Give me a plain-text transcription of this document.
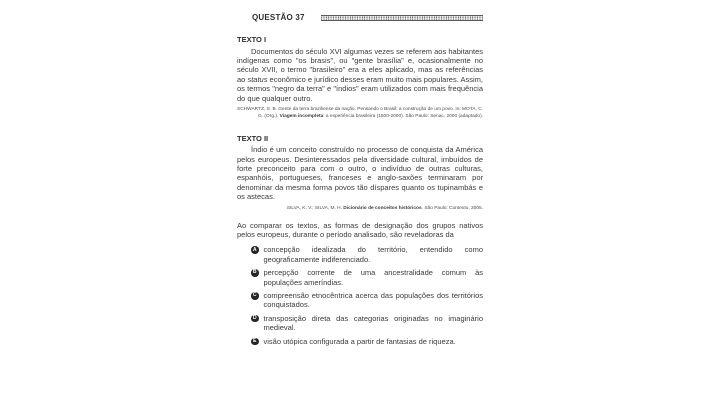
QUESTÃO 37
TEXTO I

Documentos do século XVI algumas vezes se referem aos habitantes indígenas como "os brasis", ou "gente brasília" e, ocasionalmente no século XVII, o termo "brasileiro" era a eles aplicado, mas as referências ao status econômico e jurídico desses eram muito mais populares. Assim, os termos "negro da terra" e "índios" eram utilizados com mais frequência do que qualquer outro.

SCHWARTZ, S. B. Gente da terra braziliense da nação. Pensando o Brasil: a construção de um povo. In: MOTA, C. G. (Org.). Viagem incompleta: a experiência brasileira (1500-2000). São Paulo: Senac, 2000 (adaptado).

TEXTO II

Índio é um conceito construído no processo de conquista da América pelos europeus. Desinteressados pela diversidade cultural, imbuídos de forte preconceito para com o outro, o indivíduo de outras culturas, espanhóis, portugueses, franceses e anglo-saxões terminaram por denominar da mesma forma povos tão díspares quanto os tupinambás e os astecas.

SILVA, K. V.; SILVA, M. H. Dicionário de conceitos históricos. São Paulo: Contexto, 2005.

Ao comparar os textos, as formas de designação dos grupos nativos pelos europeus, durante o período analisado, são reveladoras da

A concepção idealizada do território, entendido como geograficamente indiferenciado.
B percepção corrente de uma ancestralidade comum às populações ameríndias.
C compreensão etnocêntrica acerca das populações dos territórios conquistados.
D transposição direta das categorias originadas no imaginário medieval.
E visão utópica configurada a partir de fantasias de riqueza.
